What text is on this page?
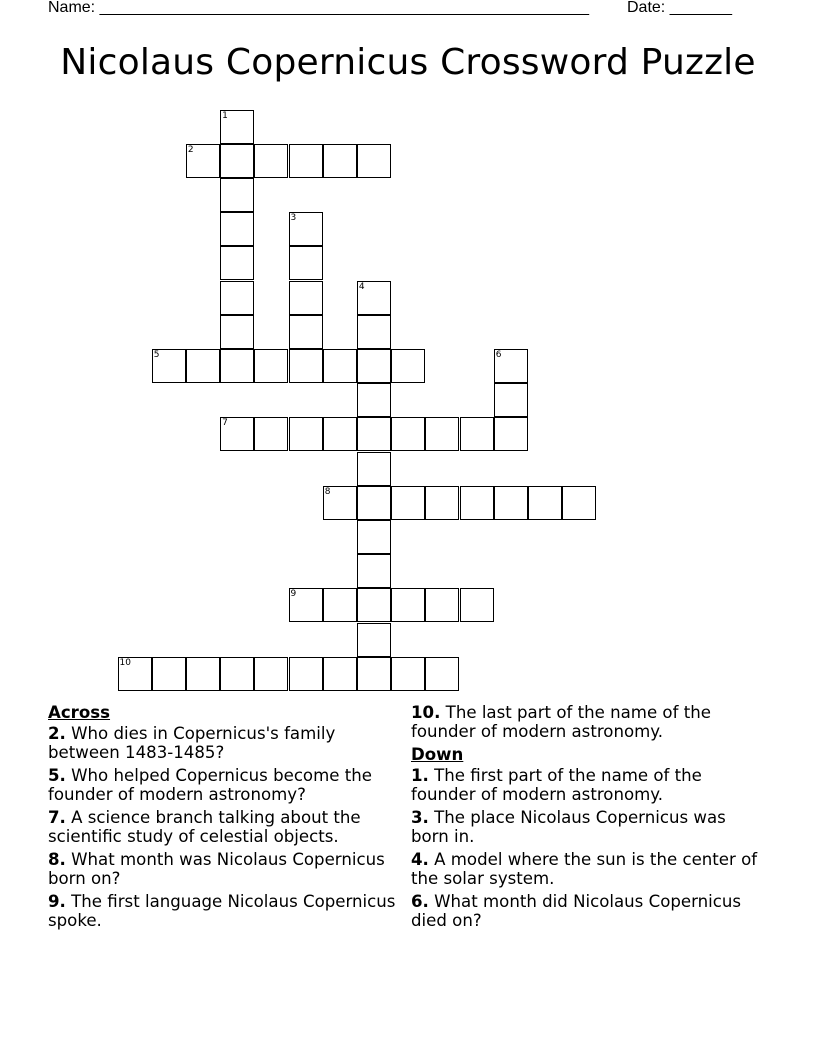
Name: _______________________________________________________ Date: _______
Nicolaus Copernicus Crossword Puzzle
1
2
3
4
5	6
7
8
9
10
Across
2. Who dies in Copernicus's family between 1483-1485?
5. Who helped Copernicus become the founder of modern astronomy?
7. A science branch talking about the scientific study of celestial objects.
8. What month was Nicolaus Copernicus born on?
9. The first language Nicolaus Copernicus spoke.
10. The last part of the name of the founder of modern astronomy.
Down
1. The first part of the name of the founder of modern astronomy.
3. The place Nicolaus Copernicus was born in.
4. A model where the sun is the center of the solar system.
6. What month did Nicolaus Copernicus died on?
